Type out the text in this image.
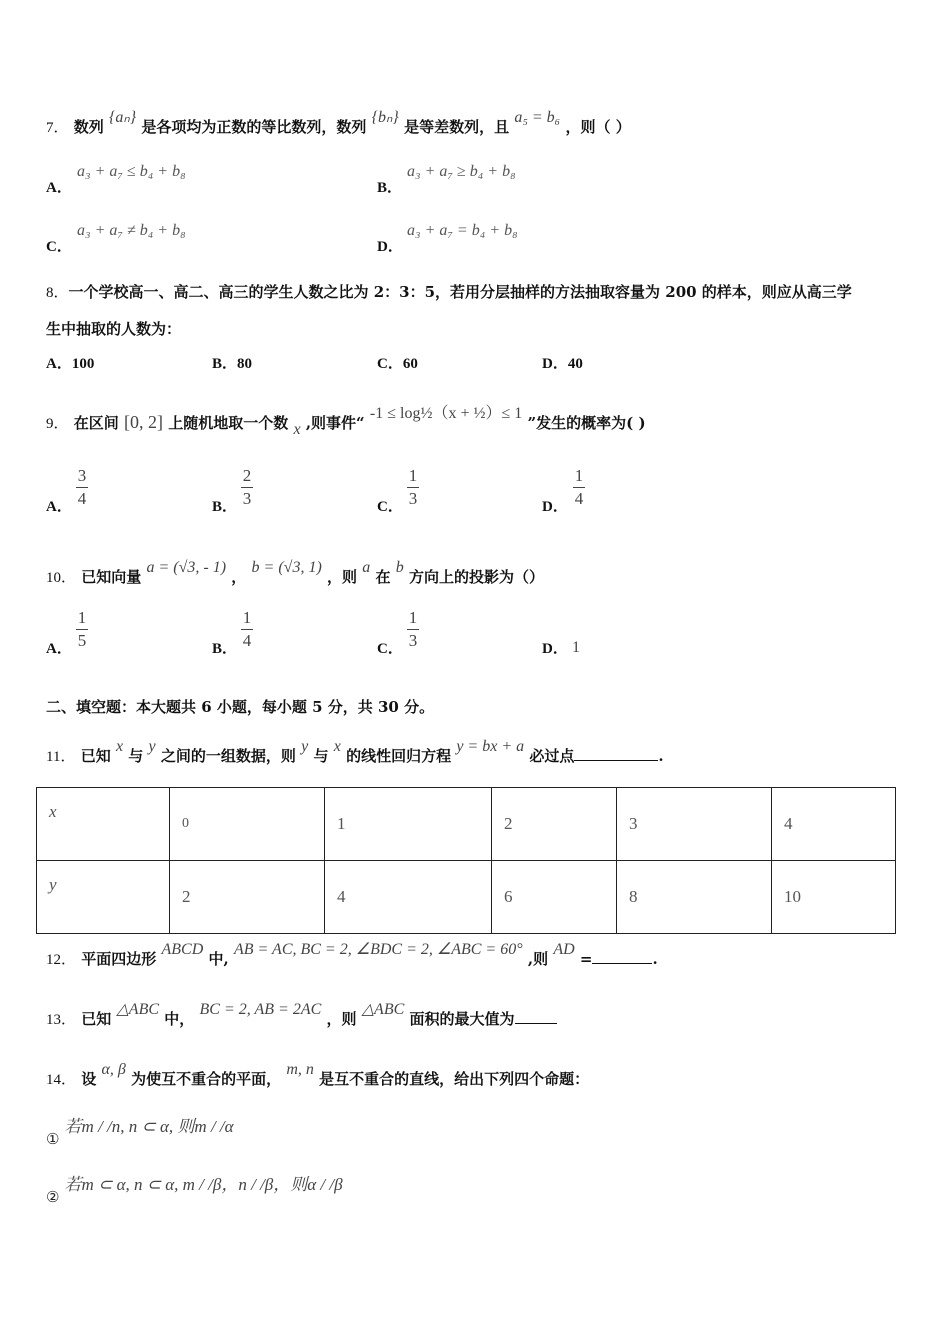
7． 数列 {aₙ} 是各项均为正数的等比数列，数列 {bₙ} 是等差数列，且 a₅ = b₆ ，则（ ）
A．
a₃ + a₇ ≤ b₄ + b₈
B．
a₃ + a₇ ≥ b₄ + b₈
C．
a₃ + a₇ ≠ b₄ + b₈
D．
a₃ + a₇ = b₄ + b₈
8．一个学校高一、高二、高三的学生人数之比为 2：3：5，若用分层抽样的方法抽取容量为 200 的样本，则应从高三学
生中抽取的人数为：
A．100	B．80	C．60	D．40
9． 在区间 [0, 2] 上随机地取一个数 x ,则事件“ -1 ≤ log½（x + ½）≤ 1 ”发生的概率为( )
A．
3
4	B．
2
3	C．
1
3	D．
1
4
10． 已知向量 a = (√3, - 1) ， b = (√3, 1) ，则 a 在 b 方向上的投影为（）
A．
1
5	B．
1
4	C．
1
3	D． 1
二、填空题：本大题共 6 小题，每小题 5 分，共 30 分。
11． 已知 x 与 y 之间的一组数据，则 y 与 x 的线性回归方程 y = bx + a 必过点	.
x	0	1	2	3	4
y	2	4	6	8	10
12． 平面四边形 ABCD 中, AB = AC, BC = 2, ∠BDC = 2, ∠ABC = 60° ,则 AD =	.
13． 已知 △ABC 中， BC = 2, AB = 2AC ，则 △ABC 面积的最大值为
14． 设 α, β 为使互不重合的平面， m, n 是互不重合的直线，给出下列四个命题：
① 若m / /n, n ⊂ α, 则m / /α
② 若m ⊂ α, n ⊂ α, m / /β，n / /β，则α / /β
